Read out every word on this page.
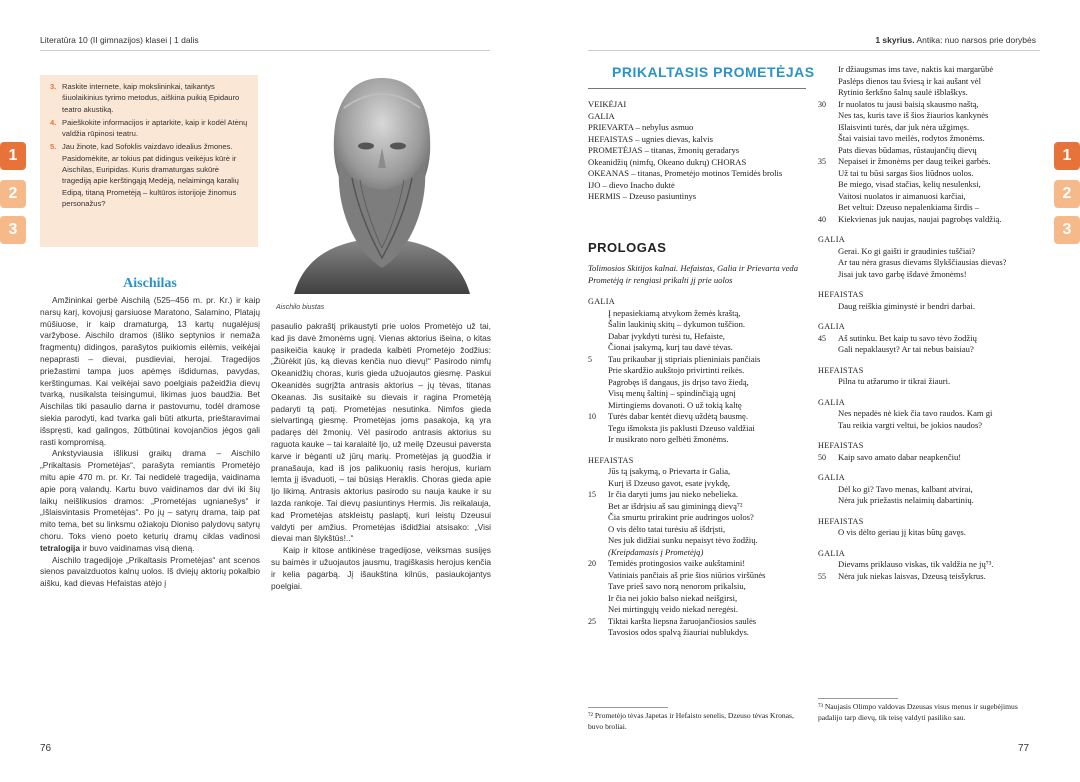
Literatūra 10 (II gimnazijos) klasei | 1 dalis
1
2
3
3. Raskite internete, kaip mokslininkai, taikantys šiuolaikinius tyrimo metodus, aiškina puikią Epidauro teatro akustiką.
4. Paieškokite informacijos ir aptarkite, kaip ir kodėl Atėnų valdžia rūpinosi teatru.
5. Jau žinote, kad Sofoklis vaizdavo idealius žmones. Pasidomėkite, ar tokius pat didingus veikėjus kūrė ir Aischilas, Euripidas. Kuris dramaturgas sukūrė tragediją apie kerštingąją Medėją, nelaimingą karalių Edipą, titaną Prometėją – kultūros istorijoje žinomus personažus?
Aischilo biustas
Aischilas

Amžininkai gerbė Aischilą (525–456 m. pr. Kr.) ir kaip narsų karį, kovojusį garsiuose Maratono, Salamino, Platajų mūšiuose, ir kaip dramaturgą, 13 kartų nugalėjusį varžybose. Aischilo dramos (išliko septynios ir nemaža fragmentų) didingos, parašytos puikiomis eilėmis, veikėjai nepaprasti – dievai, pusdieviai, herojai. Tragedijos priežastimi tampa juos apėmęs išdidumas, pavydas, kerštingumas. Kai veikėjai savo poelgiais pažeidžia dievų tvarką, nusikalsta teisingumui, likimas juos baudžia. Bet Aischilas tiki pasaulio darna ir pastovumu, todėl dramose siekia parodyti, kad tvarka gali būti atkurta, prieštaravimai išspręsti, kad galingos, žūtbūtinai kovojančios jėgos gali rasti kompromisą.

Ankstyviausia išlikusi graikų drama – Aischilo „Prikaltasis Prometėjas“, parašyta remiantis Prometėjo mitu apie 470 m. pr. Kr. Tai nedidelė tragedija, vaidinama apie porą valandų. Kartu buvo vaidinamos dar dvi iki šių laikų neišlikusios dramos: „Prometėjas ugnianešys“ ir „Išlaisvintasis Prometėjas“. Po jų – satyrų drama, taip pat mito tema, bet su linksmu ožiakoju Dioniso palydovų satyrų choru. Toks vieno poeto keturių dramų ciklas vadinosi tetralogija ir buvo vaidinamas visą dieną.

Aischilo tragedijoje „Prikaltasis Prometėjas“ ant scenos sienos pavaizduotos kalnų uolos. Iš dviejų aktorių pokalbio aišku, kad dievas Hefaistas atėjo į

pasaulio pakraštį prikaustyti prie uolos Prometėjo už tai, kad jis davė žmonėms ugnį. Vienas aktorius išeina, o kitas pasikeičia kaukę ir pradeda kalbėti Prometėjo žodžius: „Žiūrėkit jūs, ką dievas kenčia nuo dievų!“ Pasirodo nimfų Okeanidžių choras, kuris gieda užuojautos giesmę. Paskui Okeanidės sugrįžta antrasis aktorius – jų tėvas, titanas Okeanas. Jis susitaikė su dievais ir ragina Prometėją padaryti tą patį. Prometėjas nesutinka. Nimfos gieda sielvartingą giesmę. Prometėjas joms pasakoja, ką yra padaręs dėl žmonių. Vėl pasirodo antrasis aktorius su raguota kauke – tai karalaitė Ijo, už meilę Dzeusui paversta karve ir bėganti už jūrų marių. Prometėjas ją guodžia ir pranašauja, kad iš jos palikuonių rasis herojus, kuriam lemta jį išvaduoti, – tai būsiąs Heraklis. Choras gieda apie Ijo likimą. Antrasis aktorius pasirodo su nauja kauke ir su lazda rankoje. Tai dievų pasiuntinys Hermis. Jis reikalauja, kad Prometėjas atskleistų paslaptį, kuri leistų Dzeusui valdyti per amžius. Prometėjas išdidžiai atsisako: „Visi dievai man šlykštūs!..“

Kaip ir kitose antikinėse tragedijose, veiksmas susijęs su baimės ir užuojautos jausmu, tragiškasis herojus kenčia ir kelia pagarbą. Jį išaukština kilnūs, pasiaukojantys poelgiai.

76
1 skyrius. Antika: nuo narsos prie dorybės
1
2
3
PRIKALTASIS PROMETĖJAS
VEIKĖJAI
GALIA
PRIEVARTA – nebylus asmuo
HEFAISTAS – ugnies dievas, kalvis
PROMETĖJAS – titanas, žmonių geradarys
Okeanidžių (nimfų, Okeano dukrų) CHORAS
OKEANAS – titanas, Prometėjo motinos Temidės brolis
IJO – dievo Inacho duktė
HERMIS – Dzeuso pasiuntinys
PROLOGAS
Tolimosios Skitijos kalnai. Hefaistas, Galia ir Prievarta veda Prometėją ir rengiasi prikalti jį prie uolos
GALIA
Į nepasiekiamą atvykom žemės kraštą,
Šalin laukinių skitų – dykumon tuščion.
Dabar įvykdyti turėsi tu, Hefaiste,
Čionai įsakymą, kurį tau davė tėvas.
5	Tau prikaubar jį stipriais plieniniais pančiais
Prie skardžio aukštojo privirtinti reikės.
Pagrobęs iš dangaus, jis drįso tavo žiedą,
Visų menų šaltinį – spindinčiąją ugnį
Mirtingiems dovanoti. O už tokią kaltę
10	Turės dabar kentėt dievų uždėtą bausmę.
Tegu išmoksta jis paklusti Dzeuso valdžiai
Ir nusikrato noro gelbėti žmonėms.
HEFAISTAS
Jūs tą įsakymą, o Prievarta ir Galia,
Kurį iš Dzeuso gavot, esate įvykdę,
15	Ir čia daryti jums jau nieko nebelieka.
Bet ar išdrįsiu aš sau giminingą dievą⁷²
Čia smurtu prirakint prie audringos uolos?
O vis dėlto tatai turėsiu aš išdrįsti,
Nes juk didžiai sunku nepaisyt tėvo žodžių.
(Kreipdamasis į Prometėją)
20	Temidės protingosios vaike aukštamini!
Vatiniais pančiais aš prie šios niūrios viršūnės
Tave prieš savo norą nenorom prikalsiu,
Ir čia nei jokio balso niekad neišgirsi,
Nei mirtingųjų veido niekad neregėsi.
25	Tiktai karšta liepsna žaruojančiosios saulės
Tavosios odos spalvą žiauriai nublukdys.
⁷² Prometėjo tėvas Japetas ir Hefaisto senelis, Dzeuso tėvas Kronas, buvo broliai.
Ir džiaugsmas ims tave, naktis kai margarūbė
Paslėps dienos tau šviesą ir kai aušant vėl
Rytinio šerkšno šalnų saulė išblaškys.
30	Ir nuolatos tu jausi baisią skausmo naštą,
Nes tas, kuris tave iš šios žiaurios kankynės
Išlaisvinti turės, dar juk nėra užgimęs.
Štai vaisiai tavo meilės, rodytos žmonėms.
Pats dievas būdamas, rūstaujančių dievų
35	Nepaisei ir žmonėms per daug teikei garbės.
Už tai tu būsi sargas šios liūdnos uolos.
Be miego, visad stačias, kelių nesulenksi,
Vaitosi nuolatos ir aimanuosi karčiai,
Bet veltui: Dzeuso nepalenkiama širdis –
40	Kiekvienas juk naujas, naujai pagrobęs valdžią.
GALIA
Gerai. Ko gi gaišti ir graudinies tuščiai?
Ar tau nėra grasus dievams šlykščiausias dievas?
Jisai juk tavo garbę išdavė žmonėms!
HEFAISTAS
Daug reiškia giminystė ir bendri darbai.
GALIA
45	Aš sutinku. Bet kaip tu savo tėvo žodžių
Gali nepaklausyt? Ar tai nebus baisiau?
HEFAISTAS
Pilna tu atžarumo ir tikrai žiauri.
GALIA
Nes nepadės nė kiek čia tavo raudos. Kam gi
Tau reikia vargti veltui, be jokios naudos?
HEFAISTAS
50	Kaip savo amato dabar neapkenčiu!
GALIA
Dėl ko gi? Tavo menas, kalbant atvirai,
Nėra juk priežastis nelaimių dabartinių.
HEFAISTAS
O vis dėlto geriau jį kitas būtų gavęs.
GALIA
Dievams priklauso viskas, tik valdžia ne jų⁷³.
55	Nėra juk niekas laisvas, Dzeusą teisšykrus.
⁷³ Naujasis Olimpo valdovas Dzeusas visus menus ir sugebėjimus padalijo tarp dievų, tik teisę valdyti pasiliko sau.
77
